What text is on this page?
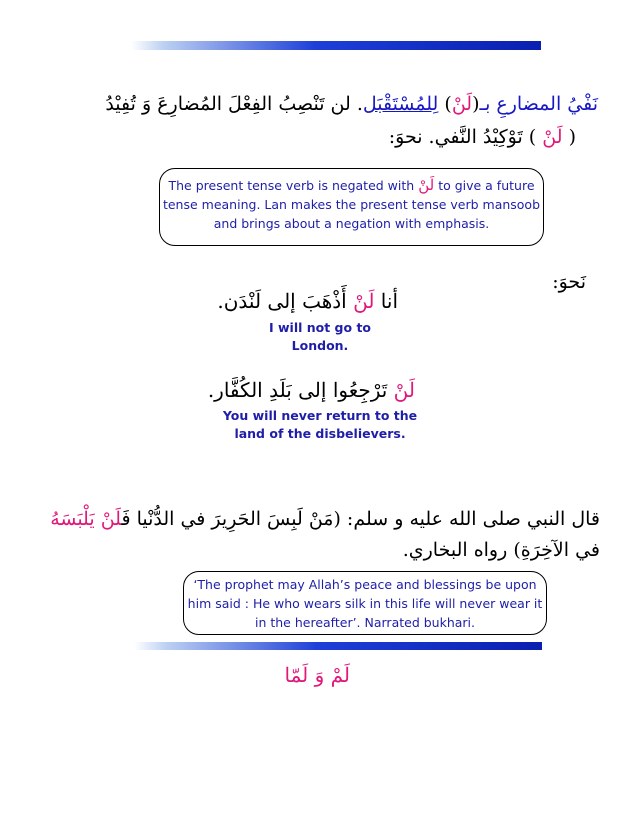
نَفْيُ المضارعِ بـ(لَنْ) لِلمُسْتَقْبَل. لن تَنْصِبُ الفِعْلَ المُضارِعَ وَ تُفِيْدُ
( لَنْ ) تَوْكِيْدُ النَّفي. نحوَ:
The present tense verb is negated with لَنْ to give a future tense meaning. Lan makes the present tense verb mansoob and brings about a negation with emphasis.
نَحوَ:
أنا لَنْ أَذْهَبَ إلى لَنْدَن.
I will not go to London.
لَنْ تَرْجِعُوا إلى بَلَدِ الكُفَّار.
You will never return to the
land of the disbelievers.
قال النبي صلى الله عليه و سلم: (مَنْ لَبِسَ الحَرِيرَ في الدُّنْيا فَلَنْ يَلْبَسَهُ
في الآخِرَةِ) رواه البخاري.
‘The prophet may Allah’s peace and blessings be upon him said : He who wears silk in this life will never wear it in the hereafter’. Narrated bukhari.
لَمْ وَ لَمّا
